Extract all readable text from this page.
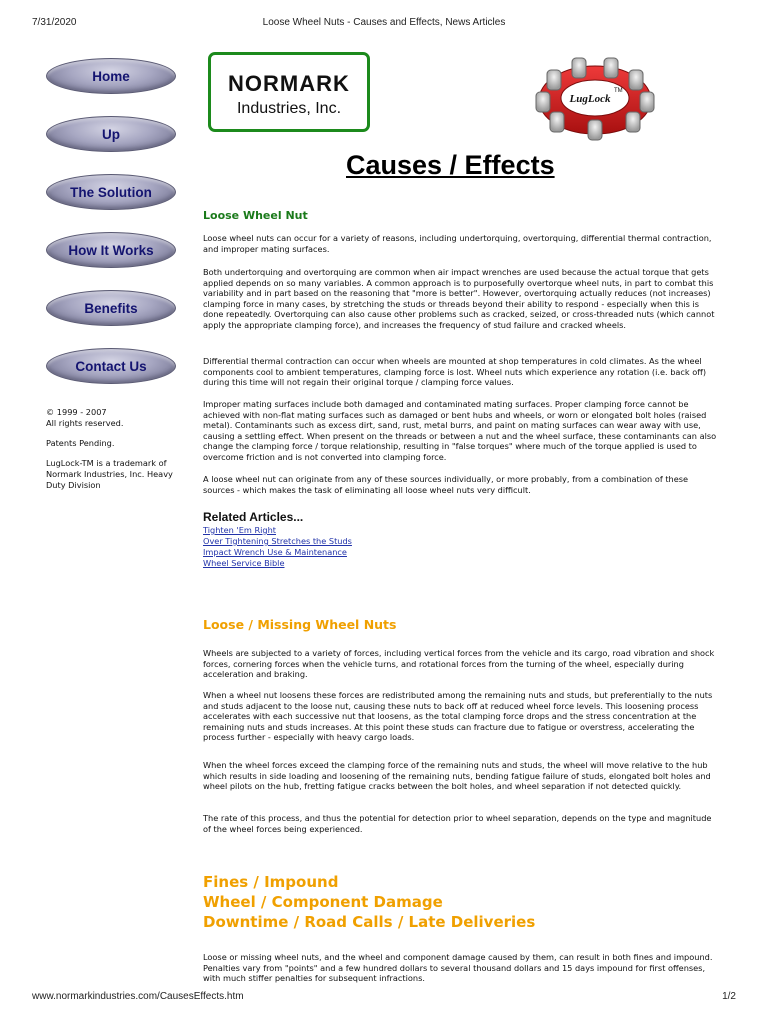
Loose Wheel Nuts - Causes and Effects, News Articles
7/31/2020
Home
Up
The Solution
How It Works
Benefits
Contact Us

© 1999 - 2007
All rights reserved.

Patents Pending.

LugLock-TM is a trademark of Normark Industries, Inc. Heavy Duty Division

NORMARK
Industries, Inc.
LugLock
TM
Causes / Effects
Loose Wheel Nut

Loose wheel nuts can occur for a variety of reasons, including undertorquing, overtorquing, differential thermal contraction, and improper mating surfaces.

Both undertorquing and overtorquing are common when air impact wrenches are used because the actual torque that gets applied depends on so many variables. A common approach is to purposefully overtorque wheel nuts, in part to combat this variability and in part based on the reasoning that "more is better". However, overtorquing actually reduces (not increases) clamping force in many cases, by stretching the studs or threads beyond their ability to respond - especially when this is done repeatedly. Overtorquing can also cause other problems such as cracked, seized, or cross-threaded nuts (which cannot apply the appropriate clamping force), and increases the frequency of stud failure and cracked wheels.

Differential thermal contraction can occur when wheels are mounted at shop temperatures in cold climates. As the wheel components cool to ambient temperatures, clamping force is lost. Wheel nuts which experience any rotation (i.e. back off) during this time will not regain their original torque / clamping force values.

Improper mating surfaces include both damaged and contaminated mating surfaces. Proper clamping force cannot be achieved with non-flat mating surfaces such as damaged or bent hubs and wheels, or worn or elongated bolt holes (raised metal). Contaminants such as excess dirt, sand, rust, metal burrs, and paint on mating surfaces can wear away with use, causing a settling effect. When present on the threads or between a nut and the wheel surface, these contaminants can also change the clamping force / torque relationship, resulting in "false torques" where much of the torque applied is used to overcome friction and is not converted into clamping force.

A loose wheel nut can originate from any of these sources individually, or more probably, from a combination of these sources - which makes the task of eliminating all loose wheel nuts very difficult.

Related Articles...
Tighten 'Em Right
Over Tightening Stretches the Studs
Impact Wrench Use & Maintenance
Wheel Service Bible
Loose / Missing Wheel Nuts

Wheels are subjected to a variety of forces, including vertical forces from the vehicle and its cargo, road vibration and shock forces, cornering forces when the vehicle turns, and rotational forces from the turning of the wheel, especially during acceleration and braking.

When a wheel nut loosens these forces are redistributed among the remaining nuts and studs, but preferentially to the nuts and studs adjacent to the loose nut, causing these nuts to back off at reduced wheel force levels. This loosening process accelerates with each successive nut that loosens, as the total clamping force drops and the stress concentration at the remaining nuts and studs increases. At this point these studs can fracture due to fatigue or overstress, accelerating the process further - especially with heavy cargo loads.

When the wheel forces exceed the clamping force of the remaining nuts and studs, the wheel will move relative to the hub which results in side loading and loosening of the remaining nuts, bending fatigue failure of studs, elongated bolt holes and wheel pilots on the hub, fretting fatigue cracks between the bolt holes, and wheel separation if not detected quickly.

The rate of this process, and thus the potential for detection prior to wheel separation, depends on the type and magnitude of the wheel forces being experienced.

Fines / Impound
Wheel / Component Damage
Downtime / Road Calls / Late Deliveries

Loose or missing wheel nuts, and the wheel and component damage caused by them, can result in both fines and impound. Penalties vary from "points" and a few hundred dollars to several thousand dollars and 15 days impound for first offenses, with much stiffer penalties for subsequent infractions.

www.normarkindustries.com/CausesEffects.htm	1/2
